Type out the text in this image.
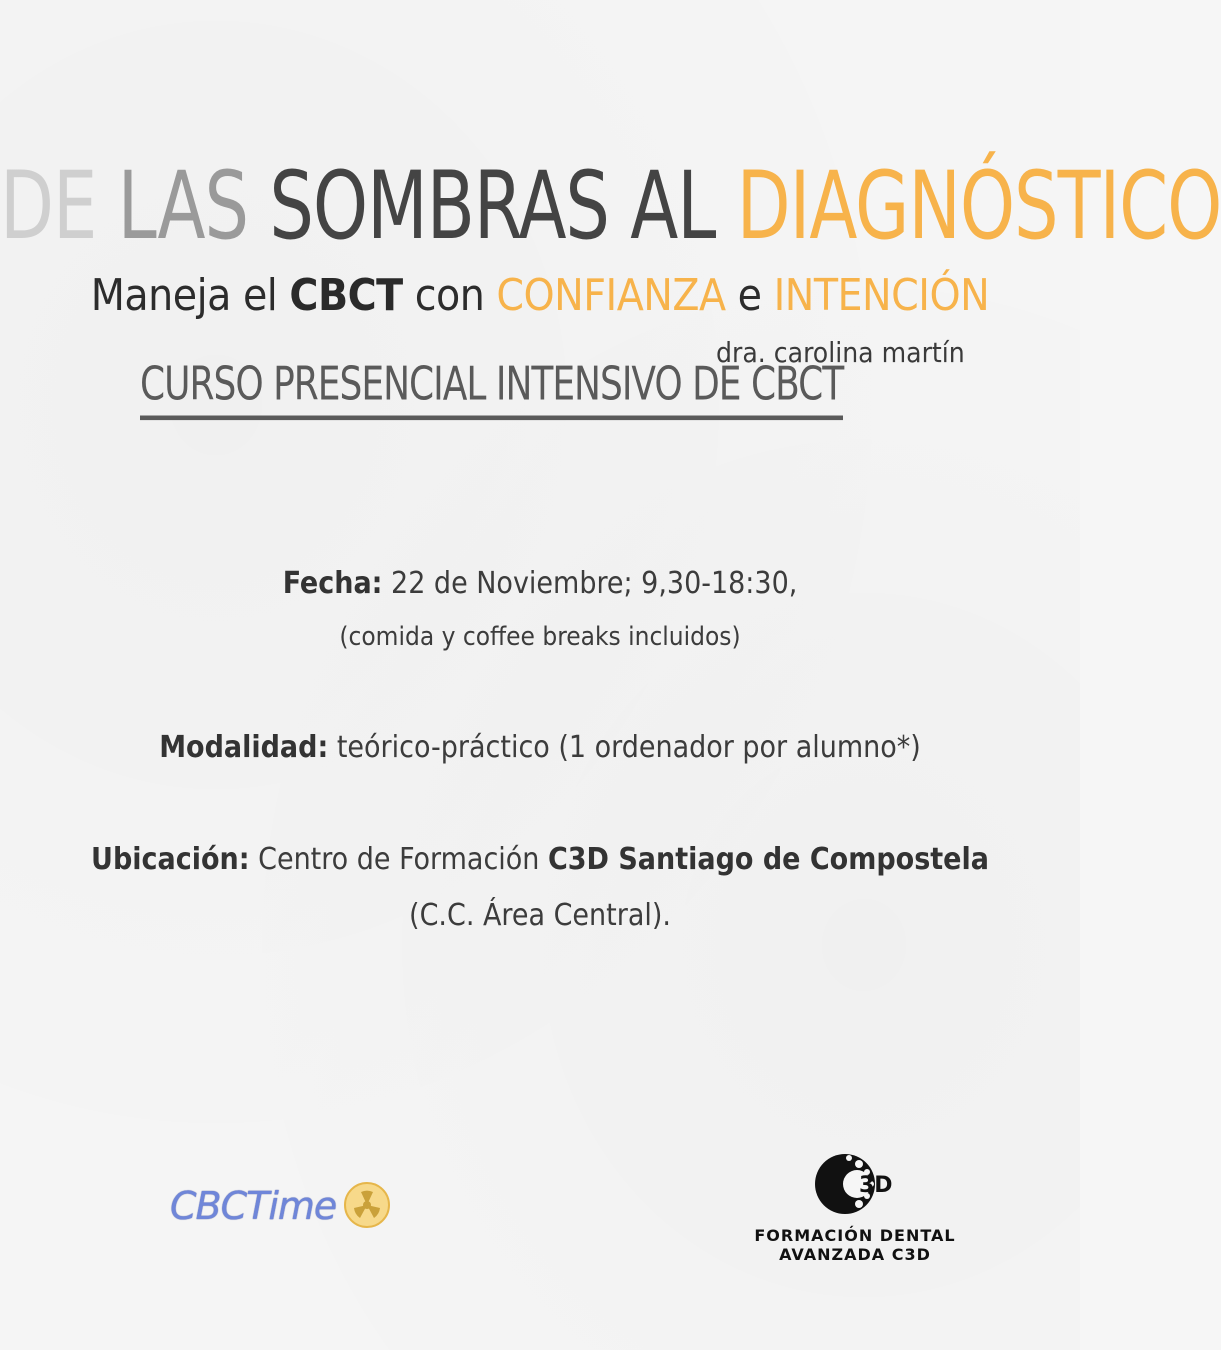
DE LAS SOMBRAS AL DIAGNÓSTICO
Maneja el CBCT con CONFIANZA e INTENCIÓN
CURSO PRESENCIAL INTENSIVO DE CBCT
dra. carolina martín
Fecha: 22 de Noviembre; 9,30-18:30,
(comida y coffee breaks incluidos)
Modalidad: teórico-práctico (1 ordenador por alumno*)
Ubicación: Centro de Formación C3D Santiago de Compostela
(C.C. Área Central).
CBCTime	3D
FORMACIÓN DENTAL
AVANZADA C3D
